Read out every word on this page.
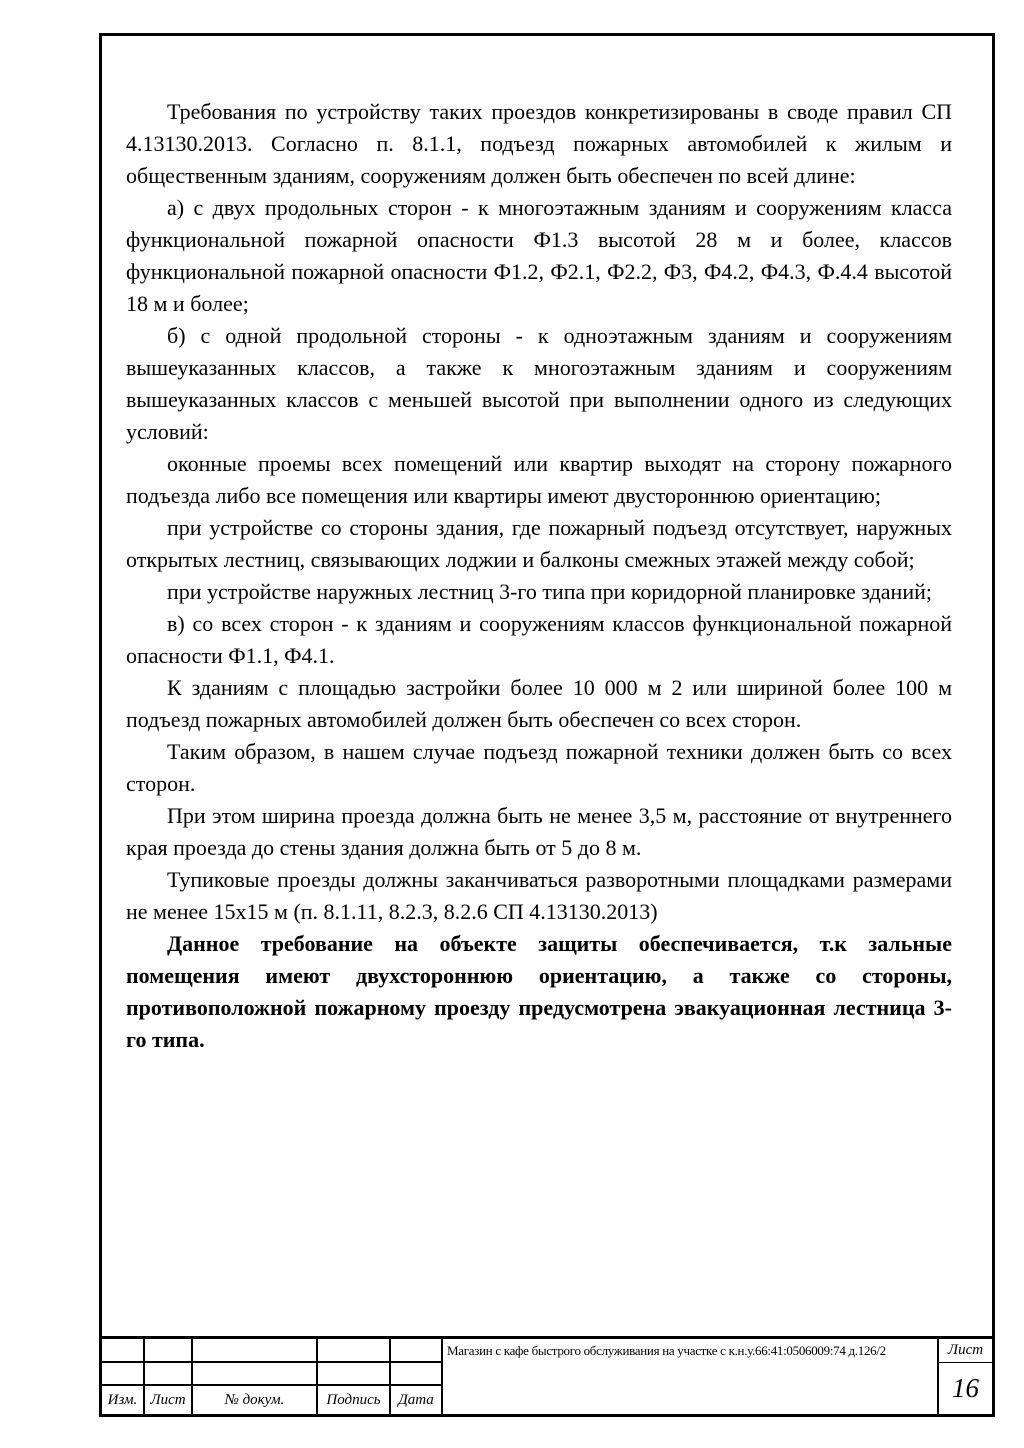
Требования по устройству таких проездов конкретизированы в своде правил СП 4.13130.2013. Согласно п. 8.1.1, подъезд пожарных автомобилей к жилым и общественным зданиям, сооружениям должен быть обеспечен по всей длине:

а) с двух продольных сторон - к многоэтажным зданиям и сооружениям класса функциональной пожарной опасности Ф1.3 высотой 28 м и более, классов функциональной пожарной опасности Ф1.2, Ф2.1, Ф2.2, Ф3, Ф4.2, Ф4.3, Ф.4.4 высотой 18 м и более;

б) с одной продольной стороны - к одноэтажным зданиям и сооружениям вышеуказанных классов, а также к многоэтажным зданиям и сооружениям вышеуказанных классов с меньшей высотой при выполнении одного из следующих условий:

оконные проемы всех помещений или квартир выходят на сторону пожарного подъезда либо все помещения или квартиры имеют двустороннюю ориентацию;

при устройстве со стороны здания, где пожарный подъезд отсутствует, наружных открытых лестниц, связывающих лоджии и балконы смежных этажей между собой;

при устройстве наружных лестниц 3-го типа при коридорной планировке зданий;

в) со всех сторон - к зданиям и сооружениям классов функциональной пожарной опасности Ф1.1, Ф4.1.

К зданиям с площадью застройки более 10 000 м 2 или шириной более 100 м подъезд пожарных автомобилей должен быть обеспечен со всех сторон.

Таким образом, в нашем случае подъезд пожарной техники должен быть со всех сторон.

При этом ширина проезда должна быть не менее 3,5 м, расстояние от внутреннего края проезда до стены здания должна быть от 5 до 8 м.

Тупиковые проезды должны заканчиваться разворотными площадками размерами не менее 15х15 м (п. 8.1.11, 8.2.3, 8.2.6 СП 4.13130.2013)

Данное требование на объекте защиты обеспечивается, т.к зальные помещения имеют двухстороннюю ориентацию, а также со стороны, противоположной пожарному проезду предусмотрена эвакуационная лестница 3-го типа.

Изм. Лист	№ докум.	Подпись	Дата
Магазин с кафе быстрого обслуживания на участке с к.н.у.66:41:0506009:74 д.126/2	Лист
16
